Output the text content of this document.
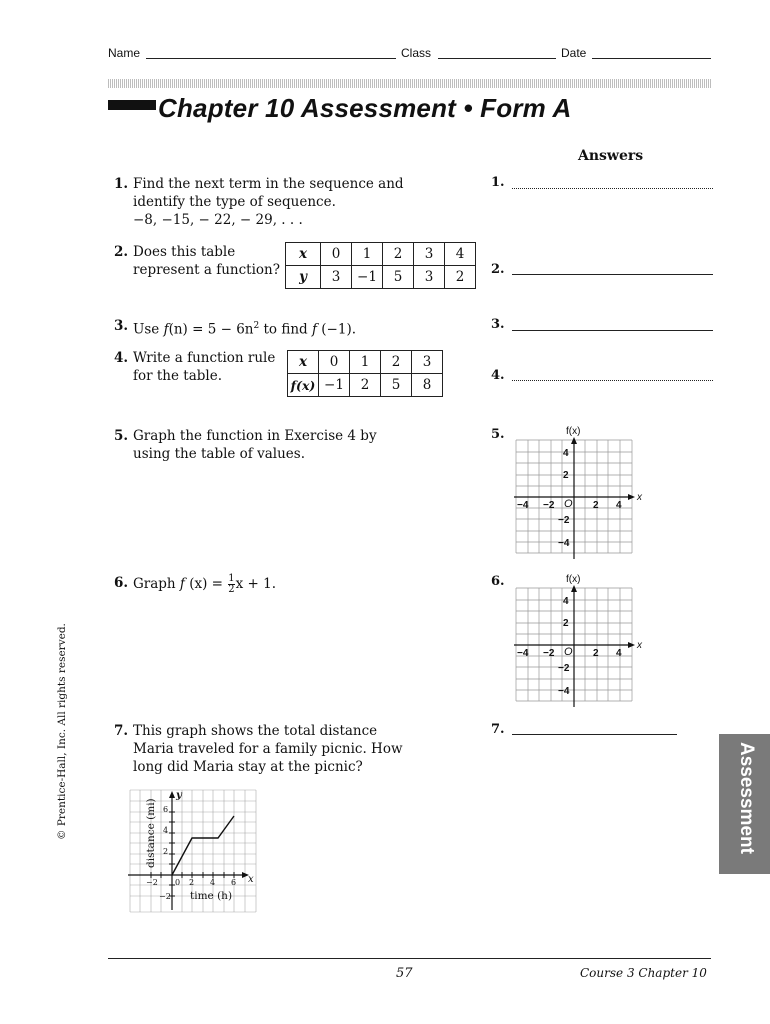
Name	Class	Date
Chapter 10 Assessment • Form A
Answers
1. Find the next term in the sequence and
identify the type of sequence.
−8, −15, − 22, − 29, . . .
2. Does this table
represent a function?
x	0	1	2	3	4
y	3	−1	5	3	2
3. Use $f(n) = 5 - 6n^2$ to find f (−1).
4. Write a function rule
for the table.
x	0	1	2	3
f(x)	−1	2	5	8
5. Graph the function in Exercise 4 by
using the table of values.
6. Graph f $(x) = \frac{1}{2}$ x + 1.
7. This graph shows the total distance
Maria traveled for a family picnic. How
long did Maria stay at the picnic?
1.
2.
3.
4.
5.
6.
7.
f(x)
x
O
−4 −2	2 4
4
2
−2
−4
f(x)
x
O
−4 −2	2 4
4
2
−2
−4
y
x
0
−2	2 4 6
6
4
2
−2 time (h)
distance (mi)
© Prentice-Hall, Inc. All rights reserved.	Assessment
57	Course 3 Chapter 10
